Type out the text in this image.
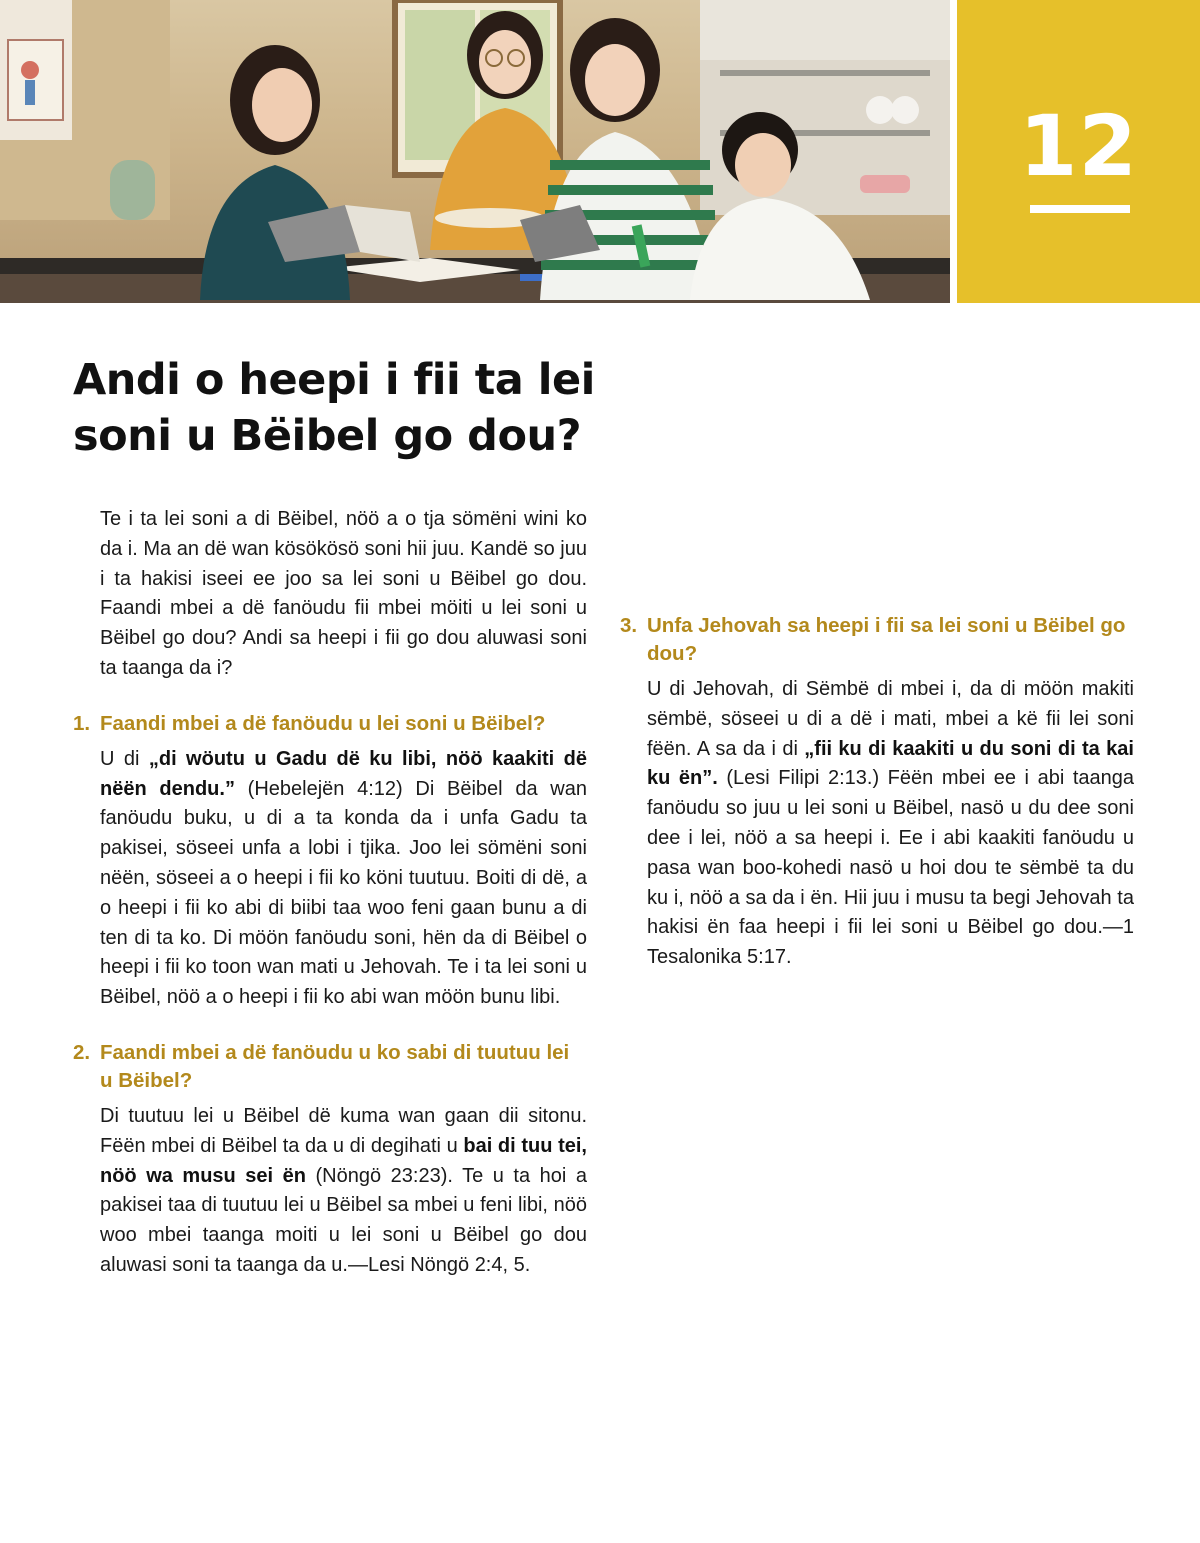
12
Andi o heepi i fii ta lei soni u Bëibel go dou?

Te i ta lei soni a di Bëibel, nöö a o tja sömëni wini ko da i. Ma an dë wan kösökösö soni hii juu. Kandë so juu i ta hakisi iseei ee joo sa lei soni u Bëibel go dou. Faandi mbei a dë fanöudu fii mbei möiti u lei soni u Bëibel go dou? Andi sa heepi i fii go dou aluwasi soni ta taanga da i?

1. Faandi mbei a dë fanöudu u lei soni u Bëibel?

U di „di wöutu u Gadu dë ku libi, nöö kaakiti dë nëën dendu.” (Hebelejën 4:12) Di Bëibel da wan fanöudu buku, u di a ta konda da i unfa Gadu ta pakisei, söseei unfa a lobi i tjika. Joo lei sömëni soni nëën, söseei a o heepi i fii ko köni tuutuu. Boiti di dë, a o heepi i fii ko abi di biibi taa woo feni gaan bunu a di ten di ta ko. Di möön fanöudu soni, hën da di Bëibel o heepi i fii ko toon wan mati u Jehovah. Te i ta lei soni u Bëibel, nöö a o heepi i fii ko abi wan möön bunu libi.

2. Faandi mbei a dë fanöudu u ko sabi di tuutuu lei u Bëibel?

Di tuutuu lei u Bëibel dë kuma wan gaan dii sitonu. Fëën mbei di Bëibel ta da u di degihati u bai di tuu tei, nöö wa musu sei ën (Nöngö 23:23). Te u ta hoi a pakisei taa di tuutuu lei u Bëibel sa mbei u feni libi, nöö woo mbei taanga moiti u lei soni u Bëibel go dou aluwasi soni ta taanga da u.—Lesi Nöngö 2:4, 5.

3. Unfa Jehovah sa heepi i fii sa lei soni u Bëibel go dou?

U di Jehovah, di Sëmbë di mbei i, da di möön makiti sëmbë, söseei u di a dë i mati, mbei a kë fii lei soni fëën. A sa da i di „fii ku di kaakiti u du soni di ta kai ku ën”. (Lesi Filipi 2:13.) Fëën mbei ee i abi taanga fanöudu so juu u lei soni u Bëibel, nasö u du dee soni dee i lei, nöö a sa heepi i. Ee i abi kaakiti fanöudu u pasa wan boo-kohedi nasö u hoi dou te sëmbë ta du ku i, nöö a sa da i ën. Hii juu i musu ta begi Jehovah ta hakisi ën faa heepi i fii lei soni u Bëibel go dou.—1 Tesalonika 5:17.
